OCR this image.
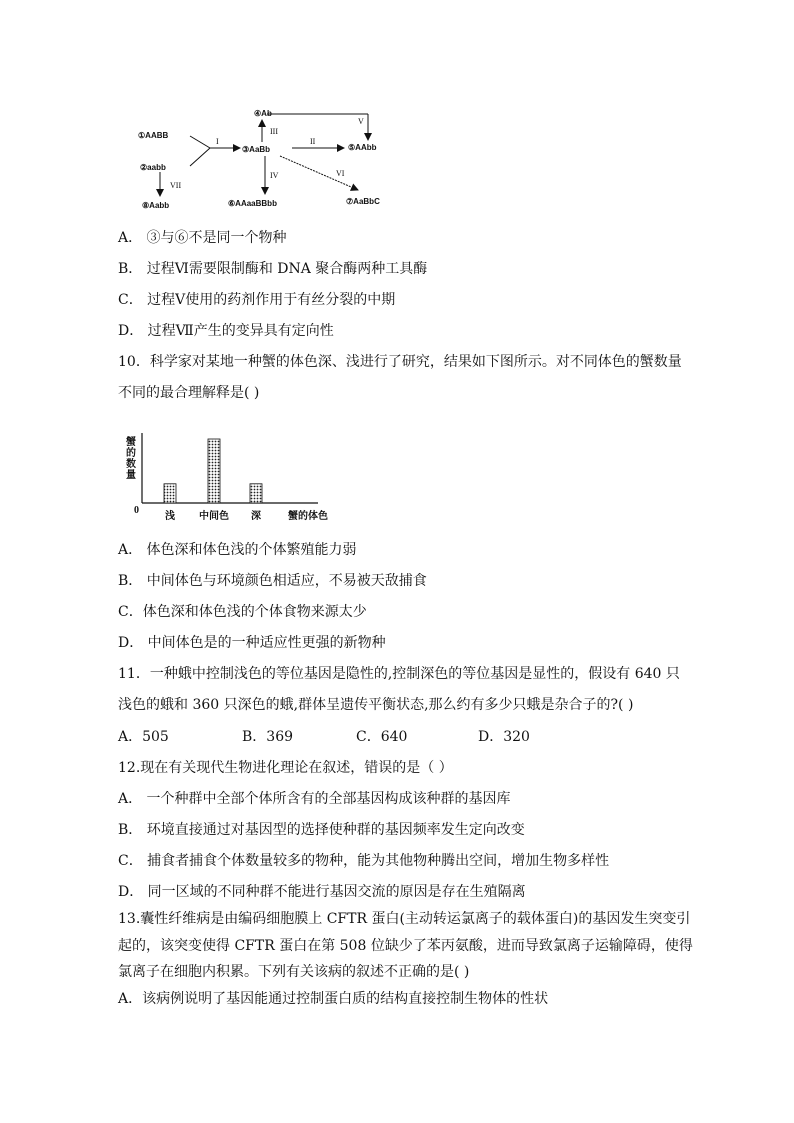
①AABB
②aabb
③AaBb
④Ab
⑤AAbb
⑥AAaaBBbb	⑦AaBbC
⑧Aabb
I	II
III
IV
V
VI
VII
A． ③与⑥不是同一个物种
B． 过程Ⅵ需要限制酶和 DNA 聚合酶两种工具酶
C． 过程Ⅴ使用的药剂作用于有丝分裂的中期
D． 过程Ⅶ产生的变异具有定向性
10．科学家对某地一种蟹的体色深、浅进行了研究，结果如下图所示。对不同体色的蟹数量
不同的最合理解释是( )
蟹
的
数
量
0
浅 中间色 深	蟹的体色
A． 体色深和体色浅的个体繁殖能力弱
B． 中间体色与环境颜色相适应，不易被天敌捕食
C．体色深和体色浅的个体食物来源太少
D． 中间体色是的一种适应性更强的新物种
11．一种蛾中控制浅色的等位基因是隐性的,控制深色的等位基因是显性的，假设有 640 只
浅色的蛾和 360 只深色的蛾,群体呈遗传平衡状态,那么约有多少只蛾是杂合子的?( )
A．505	B．369	C．640	D．320
12.现在有关现代生物进化理论在叙述，错误的是（ ）
A． 一个种群中全部个体所含有的全部基因构成该种群的基因库
B． 环境直接通过对基因型的选择使种群的基因频率发生定向改变
C． 捕食者捕食个体数量较多的物种，能为其他物种腾出空间，增加生物多样性
D． 同一区域的不同种群不能进行基因交流的原因是存在生殖隔离
13.囊性纤维病是由编码细胞膜上 CFTR 蛋白(主动转运氯离子的载体蛋白)的基因发生突变引
起的，该突变使得 CFTR 蛋白在第 508 位缺少了苯丙氨酸，进而导致氯离子运输障碍，使得
氯离子在细胞内积累。下列有关该病的叙述不正确的是( )
A．该病例说明了基因能通过控制蛋白质的结构直接控制生物体的性状
